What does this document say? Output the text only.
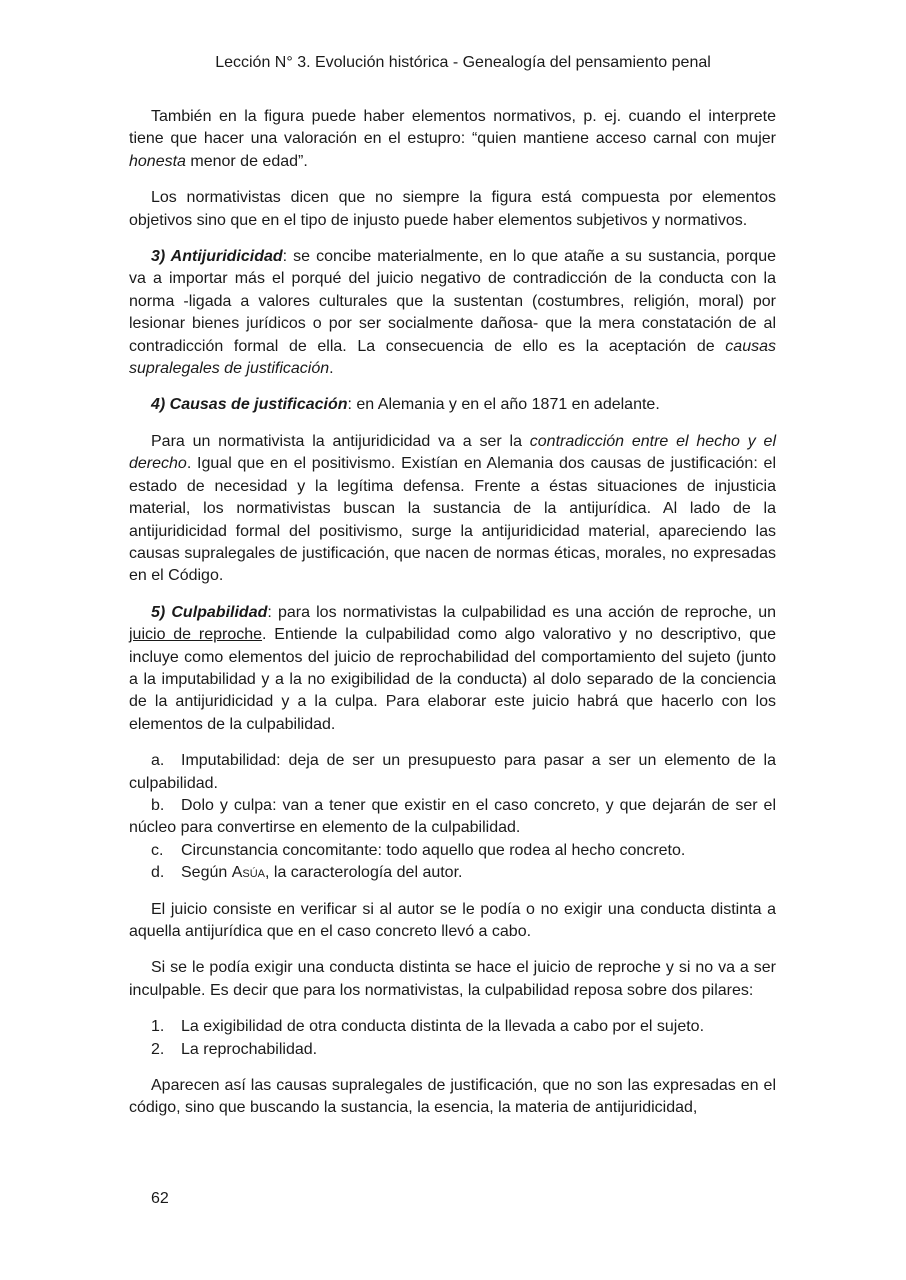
Lección N° 3. Evolución histórica - Genealogía del pensamiento penal

También en la figura puede haber elementos normativos, p. ej. cuando el interprete tiene que hacer una valoración en el estupro: “quien mantiene acceso carnal con mujer honesta menor de edad”.

Los normativistas dicen que no siempre la figura está compuesta por elementos objetivos sino que en el tipo de injusto puede haber elementos subjetivos y normativos.

3) Antijuridicidad: se concibe materialmente, en lo que atañe a su sustancia, porque va a importar más el porqué del juicio negativo de contradicción de la conducta con la norma -ligada a valores culturales que la sustentan (costumbres, religión, moral) por lesionar bienes jurídicos o por ser socialmente dañosa- que la mera constatación de al contradicción formal de ella. La consecuencia de ello es la aceptación de causas supralegales de justificación.

4) Causas de justificación: en Alemania y en el año 1871 en adelante.

Para un normativista la antijuridicidad va a ser la contradicción entre el hecho y el derecho. Igual que en el positivismo. Existían en Alemania dos causas de justificación: el estado de necesidad y la legítima defensa. Frente a éstas situaciones de injusticia material, los normativistas buscan la sustancia de la antijurídica. Al lado de la antijuridicidad formal del positivismo, surge la antijuridicidad material, apareciendo las causas supralegales de justificación, que nacen de normas éticas, morales, no expresadas en el Código.

5) Culpabilidad: para los normativistas la culpabilidad es una acción de reproche, un juicio de reproche. Entiende la culpabilidad como algo valorativo y no descriptivo, que incluye como elementos del juicio de reprochabilidad del comportamiento del sujeto (junto a la imputabilidad y a la no exigibilidad de la conducta) al dolo separado de la conciencia de la antijuridicidad y a la culpa. Para elaborar este juicio habrá que hacerlo con los elementos de la culpabilidad.

a. Imputabilidad: deja de ser un presupuesto para pasar a ser un elemento de la culpabilidad.
b. Dolo y culpa: van a tener que existir en el caso concreto, y que dejarán de ser el núcleo para convertirse en elemento de la culpabilidad.
c. Circunstancia concomitante: todo aquello que rodea al hecho concreto.
d. Según Asúa, la caracterología del autor.

El juicio consiste en verificar si al autor se le podía o no exigir una conducta distinta a aquella antijurídica que en el caso concreto llevó a cabo.

Si se le podía exigir una conducta distinta se hace el juicio de reproche y si no va a ser inculpable. Es decir que para los normativistas, la culpabilidad reposa sobre dos pilares:

1. La exigibilidad de otra conducta distinta de la llevada a cabo por el sujeto.
2. La reprochabilidad.

Aparecen así las causas supralegales de justificación, que no son las expresadas en el código, sino que buscando la sustancia, la esencia, la materia de antijuridicidad,

62
